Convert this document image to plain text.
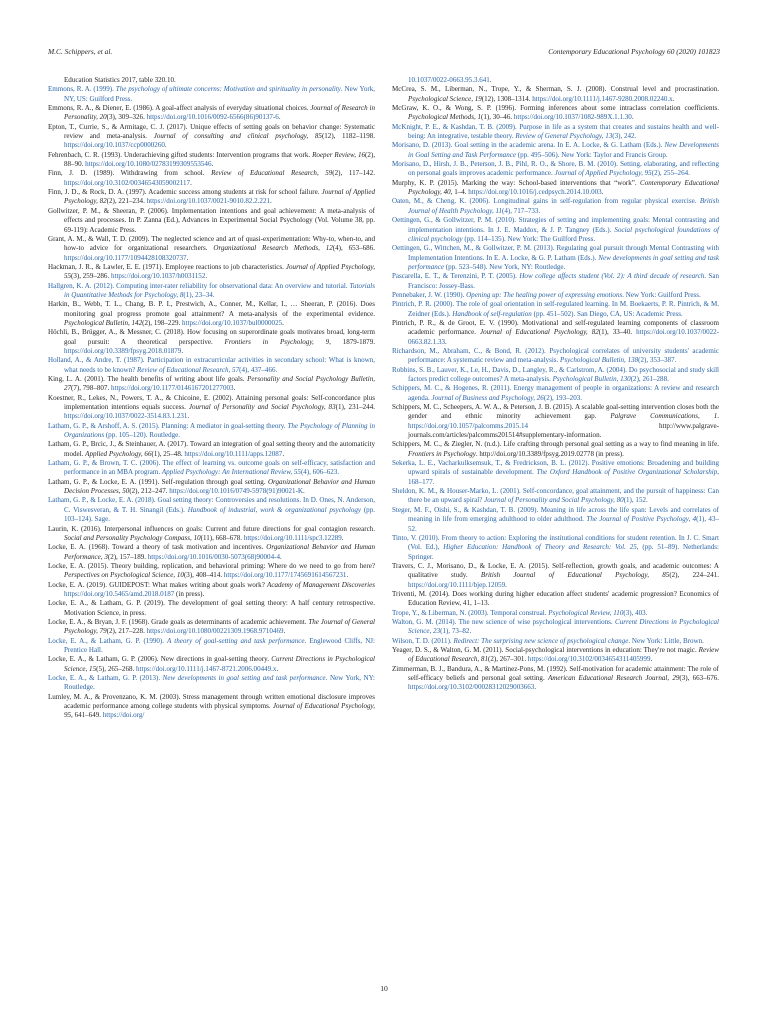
M.C. Schippers, et al.	Contemporary Educational Psychology 60 (2020) 101823

Education Statistics 2017, table 320.10.

Emmons, R. A. (1999). The psychology of ultimate concerns: Motivation and spirituality in personality. New York, NY, US: Guilford Press.

Emmons, R. A., & Diener, E. (1986). A goal-affect analysis of everyday situational choices. Journal of Research in Personality, 20(3), 309–326. https://doi.org/10.1016/0092-6566(86)90137-6.

Epton, T., Currie, S., & Armitage, C. J. (2017). Unique effects of setting goals on behavior change: Systematic review and meta-analysis. Journal of consulting and clinical psychology, 85(12), 1182–1198. https://doi.org/10.1037/ccp0000260.

Fehrenbach, C. R. (1993). Underachieving gifted students: Intervention programs that work. Roeper Review, 16(2), 88–90. https://doi.org/10.1080/02783199309553546.

Finn, J. D. (1989). Withdrawing from school. Review of Educational Research, 59(2), 117–142. https://doi.org/10.3102/00346543059002117.

Finn, J. D., & Rock, D. A. (1997). Academic success among students at risk for school failure. Journal of Applied Psychology, 82(2), 221–234. https://doi.org/10.1037/0021-9010.82.2.221.

Gollwitzer, P. M., & Sheeran, P. (2006). Implementation intentions and goal achievement: A meta-analysis of effects and processes. In P. Zanna (Ed.), Advances in Experimental Social Psychology (Vol. Volume 38, pp. 69-119): Academic Press.

Grant, A. M., & Wall, T. D. (2009). The neglected science and art of quasi-experimentation: Why-to, when-to, and how-to advice for organizational researchers. Organizational Research Methods, 12(4), 653–686. https://doi.org/10.1177/1094428108320737.

Hackman, J. R., & Lawler, E. E. (1971). Employee reactions to job characteristics. Journal of Applied Psychology, 55(3), 259–286. https://doi.org/10.1037/h0031152.

Hallgren, K. A. (2012). Computing inter-rater reliability for observational data: An overview and tutorial. Tutorials in Quantitative Methods for Psychology, 8(1), 23–34.

Harkin, B., Webb, T. L., Chang, B. P. I., Prestwich, A., Conner, M., Kellar, I., … Sheeran, P. (2016). Does monitoring goal progress promote goal attainment? A meta-analysis of the experimental evidence. Psychological Bulletin, 142(2), 198–229. https://doi.org/10.1037/bul0000025.

Höchli, B., Brügger, A., & Messner, C. (2018). How focusing on superordinate goals motivates broad, long-term goal pursuit: A theoretical perspective. Frontiers in Psychology, 9, 1879-1879. https://doi.org/10.3389/fpsyg.2018.01879.

Holland, A., & Andre, T. (1987). Participation in extracurricular activities in secondary school: What is known, what needs to be known? Review of Educational Research, 57(4), 437–466.

King, L. A. (2001). The health benefits of writing about life goals. Personality and Social Psychology Bulletin, 27(7), 798–807. https://doi.org/10.1177/0146167201277003.

Koestner, R., Lekes, N., Powers, T. A., & Chicoine, E. (2002). Attaining personal goals: Self-concordance plus implementation intentions equals success. Journal of Personality and Social Psychology, 83(1), 231–244. https://doi.org/10.1037/0022-3514.83.1.231.

Latham, G. P., & Arshoff, A. S. (2015). Planning: A mediator in goal-setting theory. The Psychology of Planning in Organizations (pp. 105–120). Routledge.

Latham, G. P., Brcic, J., & Steinhauer, A. (2017). Toward an integration of goal setting theory and the automaticity model. Applied Psychology, 66(1), 25–48. https://doi.org/10.1111/apps.12087.

Latham, G. P., & Brown, T. C. (2006). The effect of learning vs. outcome goals on self-efficacy, satisfaction and performance in an MBA program. Applied Psychology: An International Review, 55(4), 606–623.

Latham, G. P., & Locke, E. A. (1991). Self-regulation through goal setting. Organizational Behavior and Human Decision Processes, 50(2), 212–247. https://doi.org/10.1016/0749-5978(91)90021-K.

Latham, G. P., & Locke, E. A. (2018). Goal setting theory: Controversies and resolutions. In D. Ones, N. Anderson, C. Viswesveran, & T. H. Sinangil (Eds.). Handbook of industrial, work & organizational psychology (pp. 103–124). Sage.

Laurin, K. (2016). Interpersonal influences on goals: Current and future directions for goal contagion research. Social and Personality Psychology Compass, 10(11), 668–678. https://doi.org/10.1111/spc3.12289.

Locke, E. A. (1968). Toward a theory of task motivation and incentives. Organizational Behavior and Human Performance, 3(2), 157–189. https://doi.org/10.1016/0030-5073(68)90004-4.

Locke, E. A. (2015). Theory building, replication, and behavioral priming: Where do we need to go from here? Perspectives on Psychological Science, 10(3), 408–414. https://doi.org/10.1177/1745691614567231.

Locke, E. A. (2019). GUIDEPOST: What makes writing about goals work? Academy of Management Discoveries https://doi.org/10.5465/amd.2018.0187 (in press).

Locke, E. A., & Latham, G. P. (2019). The development of goal setting theory: A half century retrospective. Motivation Science, in press.

Locke, E. A., & Bryan, J. F. (1968). Grade goals as determinants of academic achievement. The Journal of General Psychology, 79(2), 217–228. https://doi.org/10.1080/00221309.1968.9710469.

Locke, E. A., & Latham, G. P. (1990). A theory of goal-setting and task performance. Englewood Cliffs, NJ: Prentice Hall.

Locke, E. A., & Latham, G. P. (2006). New directions in goal-setting theory. Current Directions in Psychological Science, 15(5), 265–268. https://doi.org/10.1111/j.1467-8721.2006.00449.x.

Locke, E. A., & Latham, G. P. (2013). New developments in goal setting and task performance. New York, NY: Routledge.

Lumley, M. A., & Provenzano, K. M. (2003). Stress management through written emotional disclosure improves academic performance among college students with physical symptoms. Journal of Educational Psychology, 95, 641–649. https://doi.org/

10.1037/0022-0663.95.3.641.

McCrea, S. M., Liberman, N., Trope, Y., & Sherman, S. J. (2008). Construal level and procrastination. Psychological Science, 19(12), 1308–1314. https://doi.org/10.1111/j.1467-9280.2008.02240.x.

McGraw, K. O., & Wong, S. P. (1996). Forming inferences about some intraclass correlation coefficients. Psychological Methods, 1(1), 30–46. https://doi.org/10.1037/1082-989X.1.1.30.

McKnight, P. E., & Kashdan, T. B. (2009). Purpose in life as a system that creates and sustains health and well-being: An integrative, testable theory. Review of General Psychology, 13(3), 242.

Morisano, D. (2013). Goal setting in the academic arena. In E. A. Locke, & G. Latham (Eds.). New Developments in Goal Setting and Task Performance (pp. 495–506). New York: Taylor and Francis Group.

Morisano, D., Hirsh, J. B., Peterson, J. B., Pihl, R. O., & Shore, B. M. (2010). Setting, elaborating, and reflecting on personal goals improves academic performance. Journal of Applied Psychology, 95(2), 255–264.

Murphy, K. P. (2015). Marking the way: School-based interventions that “work”. Contemporary Educational Psychology, 40, 1–4. https://doi.org/10.1016/j.cedpsych.2014.10.003.

Oaten, M., & Cheng, K. (2006). Longitudinal gains in self-regulation from regular physical exercise. British Journal of Health Psychology, 11(4), 717–733.

Oettingen, G., & Gollwitzer, P. M. (2010). Strategies of setting and implementing goals: Mental contrasting and implementation intentions. In J. E. Maddox, & J. P. Tangney (Eds.). Social psychological foundations of clinical psychology (pp. 114–135). New York: The Guilford Press.

Oettingen, G., Wittchen, M., & Gollwitzer, P. M. (2013). Regulating goal pursuit through Mental Contrasting with Implementation Intentions. In E. A. Locke, & G. P. Latham (Eds.). New developments in goal setting and task performance (pp. 523–548). New York, NY: Routledge.

Pascarella, E. T., & Terenzini, P. T. (2005). How college affects student (Vol. 2): A third decade of research. San Francisco: Jossey-Bass.

Pennebaker, J. W. (1990). Opening up: The healing power of expressing emotions. New York: Guilford Press.

Pintrich, P. R. (2000). The role of goal orientation in self-regulated learning. In M. Boekaerts, P. R. Pintrich, & M. Zeidner (Eds.). Handbook of self-regulation (pp. 451–502). San Diego, CA, US: Academic Press.

Pintrich, P. R., & de Groot, E. V. (1990). Motivational and self-regulated learning components of classroom academic performance. Journal of Educational Psychology, 82(1), 33–40. https://doi.org/10.1037/0022-0663.82.1.33.

Richardson, M., Abraham, C., & Bond, R. (2012). Psychological correlates of university students' academic performance: A systematic review and meta-analysis. Psychological Bulletin, 138(2), 353–387.

Robbins, S. B., Lauver, K., Le, H., Davis, D., Langley, R., & Carlstrom, A. (2004). Do psychosocial and study skill factors predict college outcomes? A meta-analysis. Psychological Bulletin, 130(2), 261–288.

Schippers, M. C., & Hogenes, R. (2011). Energy management of people in organizations: A review and research agenda. Journal of Business and Psychology, 26(2), 193–203.

Schippers, M. C., Scheepers, A. W. A., & Peterson, J. B. (2015). A scalable goal-setting intervention closes both the gender and ethnic minority achievement gap. Palgrave Communications, 1. https://doi.org/10.1057/palcomms.2015.14 http://www.palgrave-journals.com/articles/palcomms201514#supplementary-information.

Schippers, M. C., & Ziegler, N. (n.d.). Life crafting through personal goal setting as a way to find meaning in life. Frontiers in Psychology. http://doi.org/10.3389/fpsyg.2019.02778 (in press).

Sekerka, L. E., Vacharkulksemsuk, T., & Fredrickson, B. L. (2012). Positive emotions: Broadening and building upward spirals of sustainable development. The Oxford Handbook of Positive Organizational Scholarship, 168–177.

Sheldon, K. M., & Houser-Marko, L. (2001). Self-concordance, goal attainment, and the pursuit of happiness: Can there be an upward spiral? Journal of Personality and Social Psychology, 80(1), 152.

Steger, M. F., Oishi, S., & Kashdan, T. B. (2009). Meaning in life across the life span: Levels and correlates of meaning in life from emerging adulthood to older adulthood. The Journal of Positive Psychology, 4(1), 43–52.

Tinto, V. (2010). From theory to action: Exploring the institutional conditions for student retention. In J. C. Smart (Vol. Ed.), Higher Education: Handbook of Theory and Research: Vol. 25, (pp. 51–89). Netherlands: Springer.

Travers, C. J., Morisano, D., & Locke, E. A. (2015). Self-reflection, growth goals, and academic outcomes: A qualitative study. British Journal of Educational Psychology, 85(2), 224–241. https://doi.org/10.1111/bjep.12059.

Triventi, M. (2014). Does working during higher education affect students' academic progression? Economics of Education Review, 41, 1–13.

Trope, Y., & Liberman, N. (2003). Temporal construal. Psychological Review, 110(3), 403.

Walton, G. M. (2014). The new science of wise psychological interventions. Current Directions in Psychological Science, 23(1), 73–82.

Wilson, T. D. (2011). Redirect: The surprising new science of psychological change. New York: Little, Brown.

Yeager, D. S., & Walton, G. M. (2011). Social-psychological interventions in education: They're not magic. Review of Educational Research, 81(2), 267–301. https://doi.org/10.3102/0034654311405999.

Zimmerman, B. J., Bandura, A., & Martinez-Pons, M. (1992). Self-motivation for academic attainment: The role of self-efficacy beliefs and personal goal setting. American Educational Research Journal, 29(3), 663–676. https://doi.org/10.3102/00028312029003663.

10
